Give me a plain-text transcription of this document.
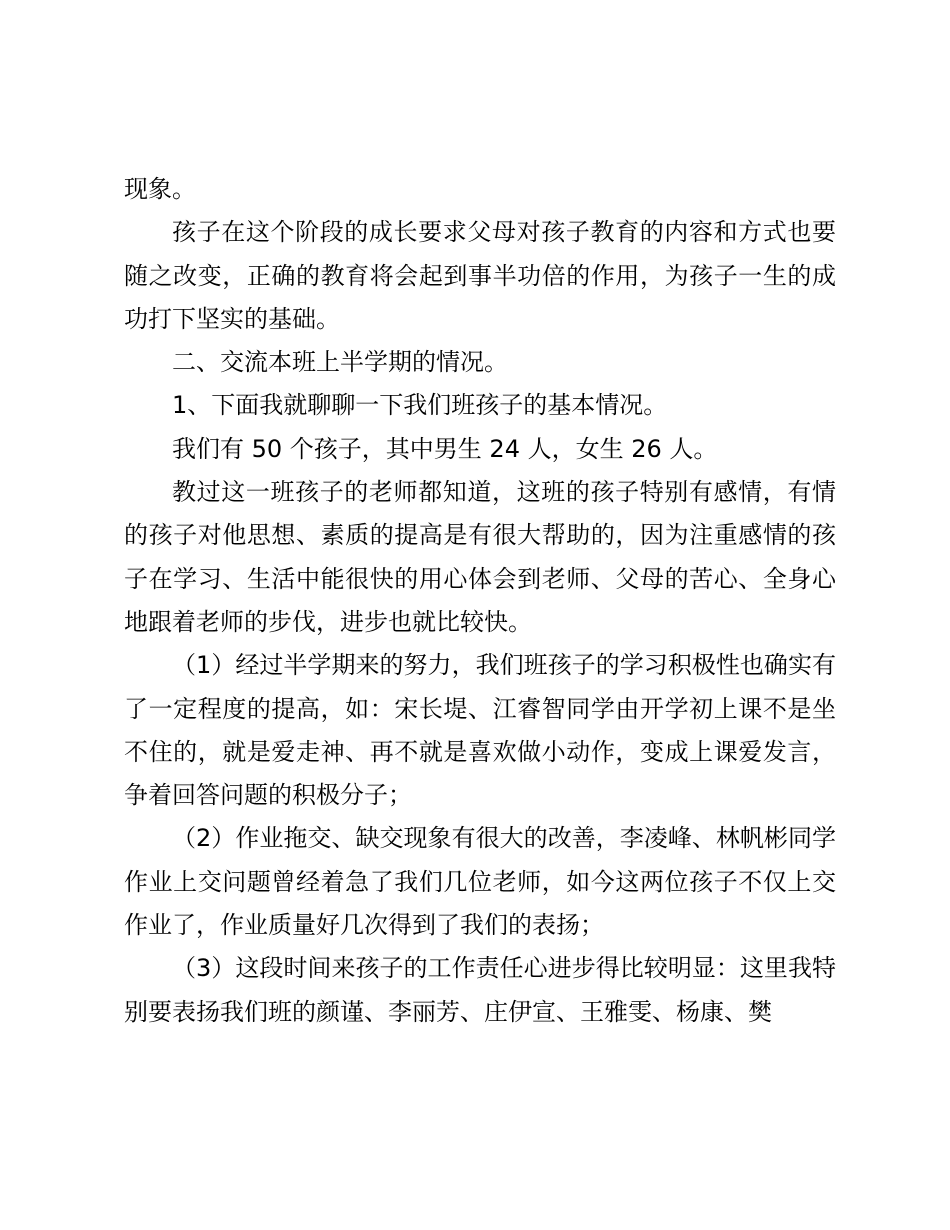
现象。

孩子在这个阶段的成长要求父母对孩子教育的内容和方式也要随之改变，正确的教育将会起到事半功倍的作用，为孩子一生的成功打下坚实的基础。

二、交流本班上半学期的情况。

1、下面我就聊聊一下我们班孩子的基本情况。

我们有 50 个孩子，其中男生 24 人，女生 26 人。

教过这一班孩子的老师都知道，这班的孩子特别有感情，有情的孩子对他思想、素质的提高是有很大帮助的，因为注重感情的孩子在学习、生活中能很快的用心体会到老师、父母的苦心、全身心地跟着老师的步伐，进步也就比较快。

（1）经过半学期来的努力，我们班孩子的学习积极性也确实有了一定程度的提高，如：宋长堤、江睿智同学由开学初上课不是坐不住的，就是爱走神、再不就是喜欢做小动作，变成上课爱发言，争着回答问题的积极分子；

（2）作业拖交、缺交现象有很大的改善，李凌峰、林帆彬同学作业上交问题曾经着急了我们几位老师，如今这两位孩子不仅上交作业了，作业质量好几次得到了我们的表扬；

（3）这段时间来孩子的工作责任心进步得比较明显：这里我特别要表扬我们班的颜谨、李丽芳、庄伊宣、王雅雯、杨康、樊
